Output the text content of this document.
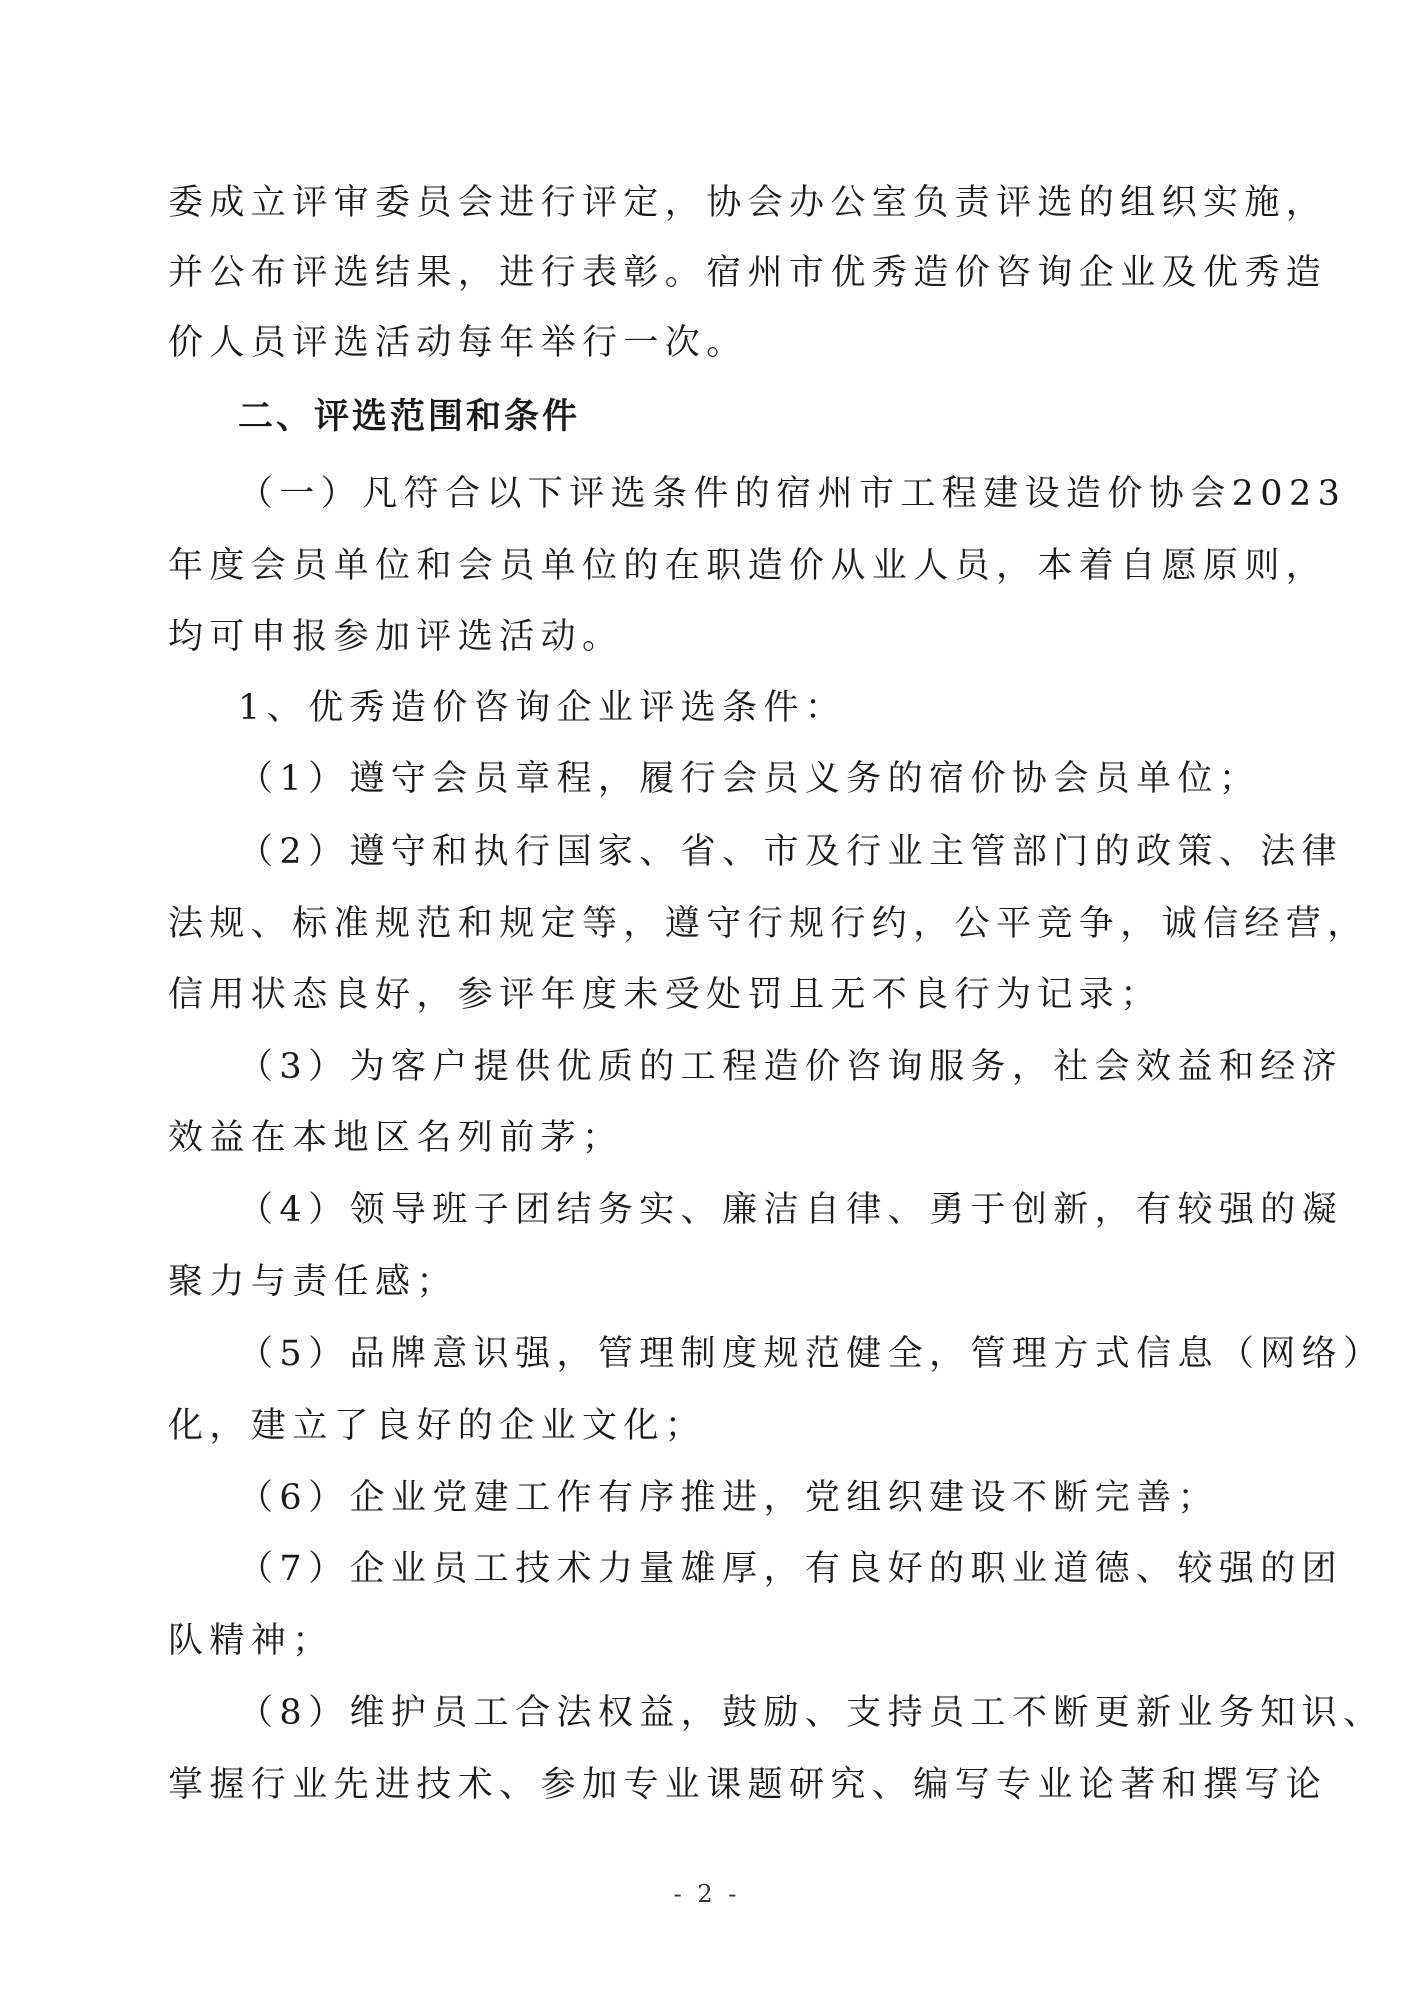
委成立评审委员会进行评定，协会办公室负责评选的组织实施，

并公布评选结果，进行表彰。宿州市优秀造价咨询企业及优秀造

价人员评选活动每年举行一次。

二、评选范围和条件

（一）凡符合以下评选条件的宿州市工程建设造价协会2023

年度会员单位和会员单位的在职造价从业人员，本着自愿原则，

均可申报参加评选活动。

1、优秀造价咨询企业评选条件：

（1）遵守会员章程，履行会员义务的宿价协会员单位；

（2）遵守和执行国家、省、市及行业主管部门的政策、法律

法规、标准规范和规定等，遵守行规行约，公平竞争，诚信经营，

信用状态良好，参评年度未受处罚且无不良行为记录；

（3）为客户提供优质的工程造价咨询服务，社会效益和经济

效益在本地区名列前茅；

（4）领导班子团结务实、廉洁自律、勇于创新，有较强的凝

聚力与责任感；

（5）品牌意识强，管理制度规范健全，管理方式信息（网络）

化，建立了良好的企业文化；

（6）企业党建工作有序推进，党组织建设不断完善；

（7）企业员工技术力量雄厚，有良好的职业道德、较强的团

队精神；

（8）维护员工合法权益，鼓励、支持员工不断更新业务知识、

掌握行业先进技术、参加专业课题研究、编写专业论著和撰写论

- 2 -
